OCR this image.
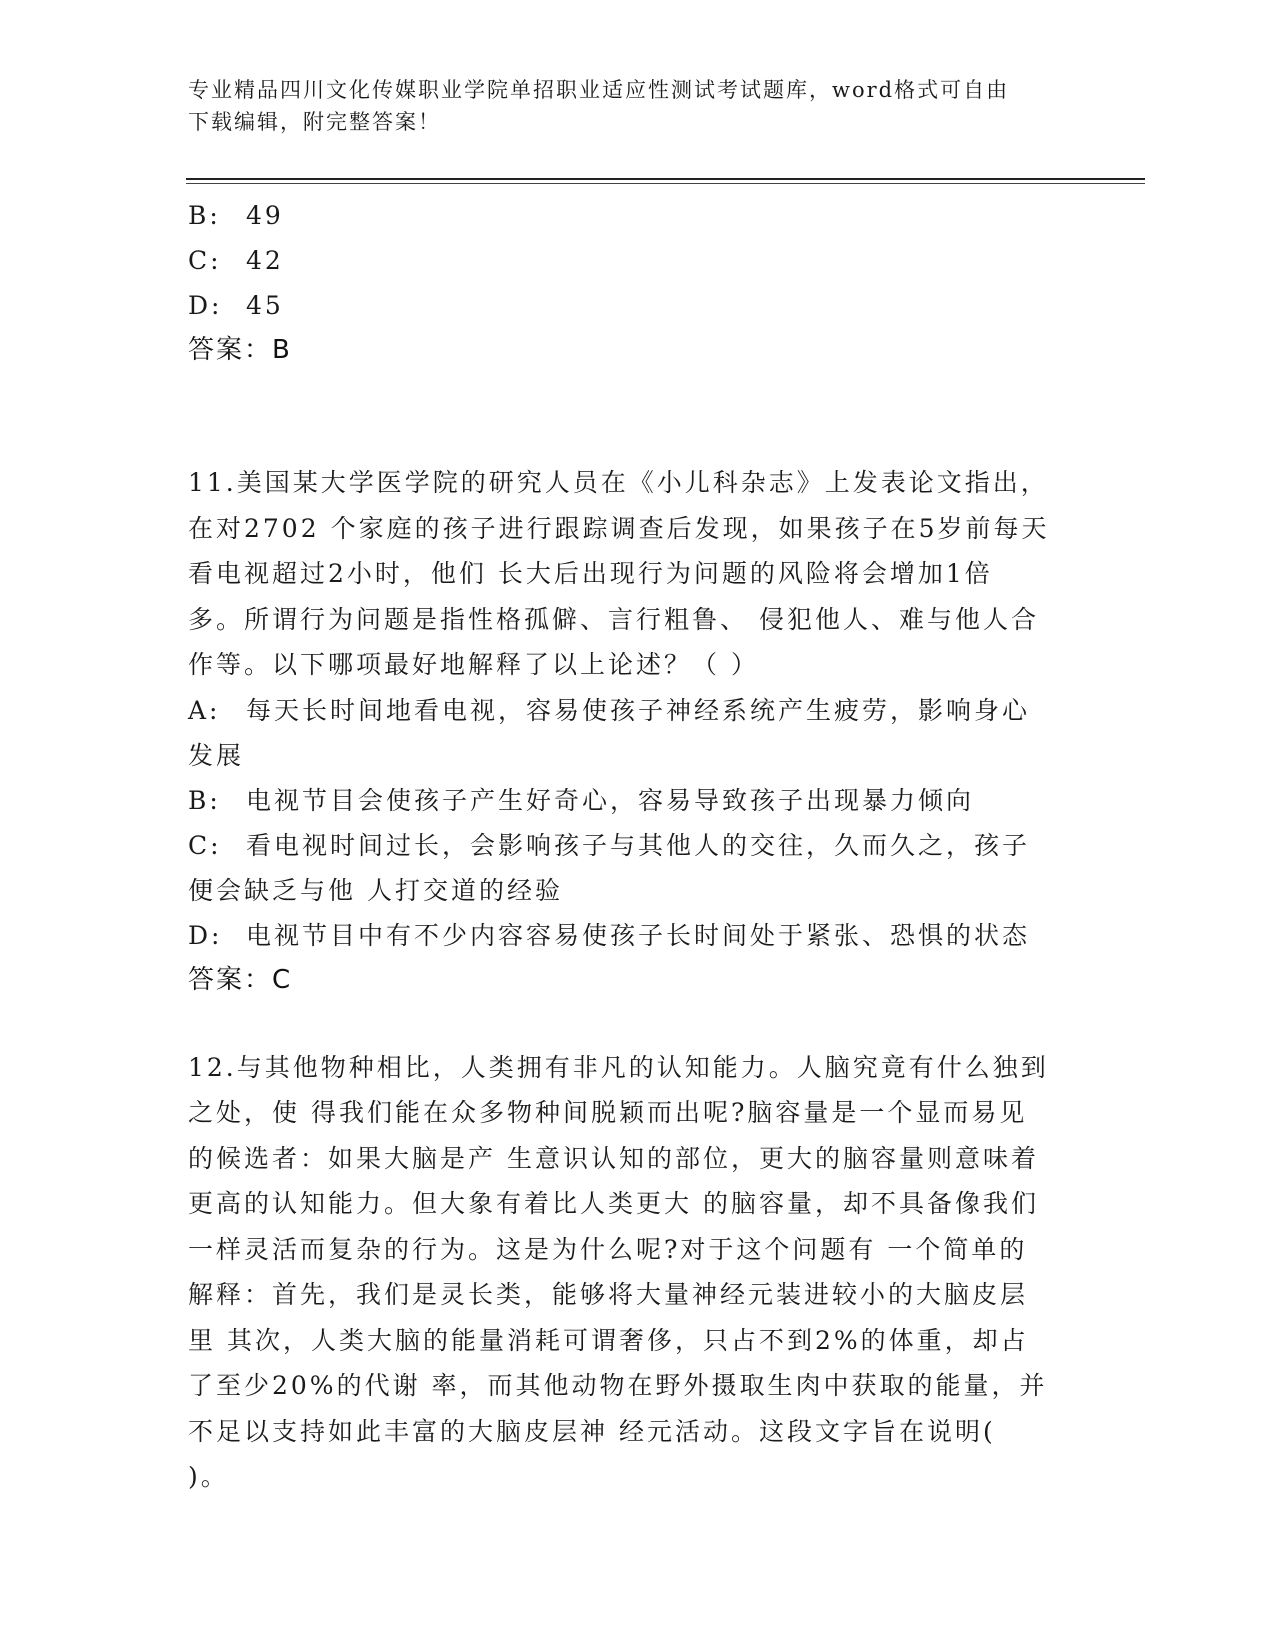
专业精品四川文化传媒职业学院单招职业适应性测试考试题库，word格式可自由
下载编辑，附完整答案！
B: 49
C: 42
D: 45
答案：B
11.美国某大学医学院的研究人员在《小儿科杂志》上发表论文指出，
在对2702 个家庭的孩子进行跟踪调查后发现，如果孩子在5岁前每天
看电视超过2小时，他们 长大后出现行为问题的风险将会增加1倍
多。所谓行为问题是指性格孤僻、言行粗鲁、 侵犯他人、难与他人合
作等。以下哪项最好地解释了以上论述？（ ）
A: 每天长时间地看电视，容易使孩子神经系统产生疲劳，影响身心
发展
B: 电视节目会使孩子产生好奇心，容易导致孩子出现暴力倾向
C: 看电视时间过长，会影响孩子与其他人的交往，久而久之，孩子
便会缺乏与他 人打交道的经验
D: 电视节目中有不少内容容易使孩子长时间处于紧张、恐惧的状态
答案：C
12.与其他物种相比，人类拥有非凡的认知能力。人脑究竟有什么独到
之处，使 得我们能在众多物种间脱颖而出呢?脑容量是一个显而易见
的候选者：如果大脑是产 生意识认知的部位，更大的脑容量则意味着
更高的认知能力。但大象有着比人类更大 的脑容量，却不具备像我们
一样灵活而复杂的行为。这是为什么呢?对于这个问题有 一个简单的
解释：首先，我们是灵长类，能够将大量神经元装进较小的大脑皮层
里 其次，人类大脑的能量消耗可谓奢侈，只占不到2%的体重，却占
了至少20%的代谢 率，而其他动物在野外摄取生肉中获取的能量，并
不足以支持如此丰富的大脑皮层神 经元活动。这段文字旨在说明(
)。
